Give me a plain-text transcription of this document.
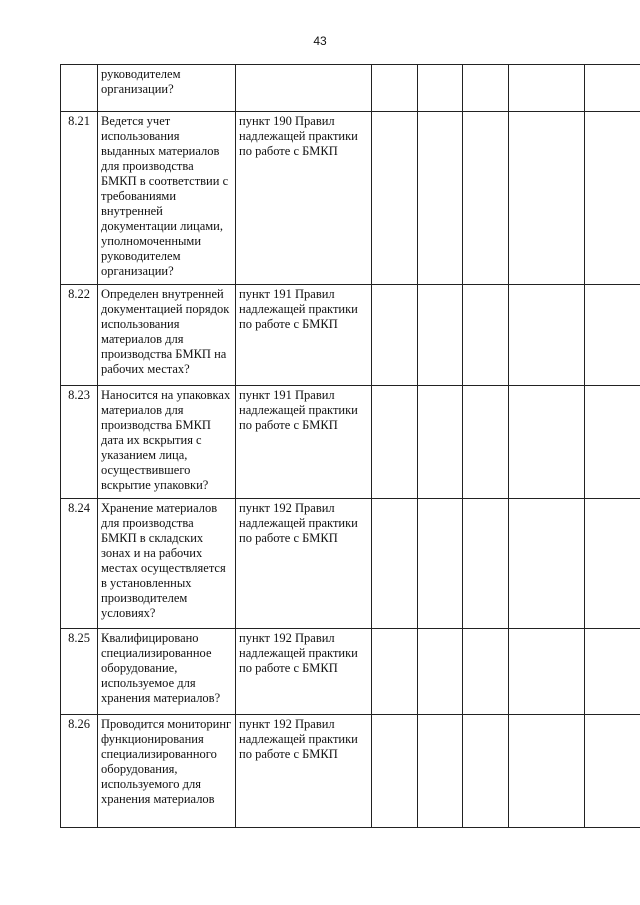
43
	руководителем организации?						
8.21	Ведется учет использования выданных материалов для производства БМКП в соответствии с требованиями внутренней документации лицами, уполномоченными руководителем организации?	пункт 190 Правил надлежащей практики по работе с БМКП					
8.22	Определен внутренней документацией порядок использования материалов для производства БМКП на рабочих местах?	пункт 191 Правил надлежащей практики по работе с БМКП					
8.23	Наносится на упаковках материалов для производства БМКП дата их вскрытия с указанием лица, осуществившего вскрытие упаковки?	пункт 191 Правил надлежащей практики по работе с БМКП					
8.24	Хранение материалов для производства БМКП в складских зонах и на рабочих местах осуществляется в установленных производителем условиях?	пункт 192 Правил надлежащей практики по работе с БМКП					
8.25	Квалифицировано специализированное оборудование, используемое для хранения материалов?	пункт 192 Правил надлежащей практики по работе с БМКП					
8.26	Проводится мониторинг функционирования специализированного оборудования, используемого для хранения материалов	пункт 192 Правил надлежащей практики по работе с БМКП					
